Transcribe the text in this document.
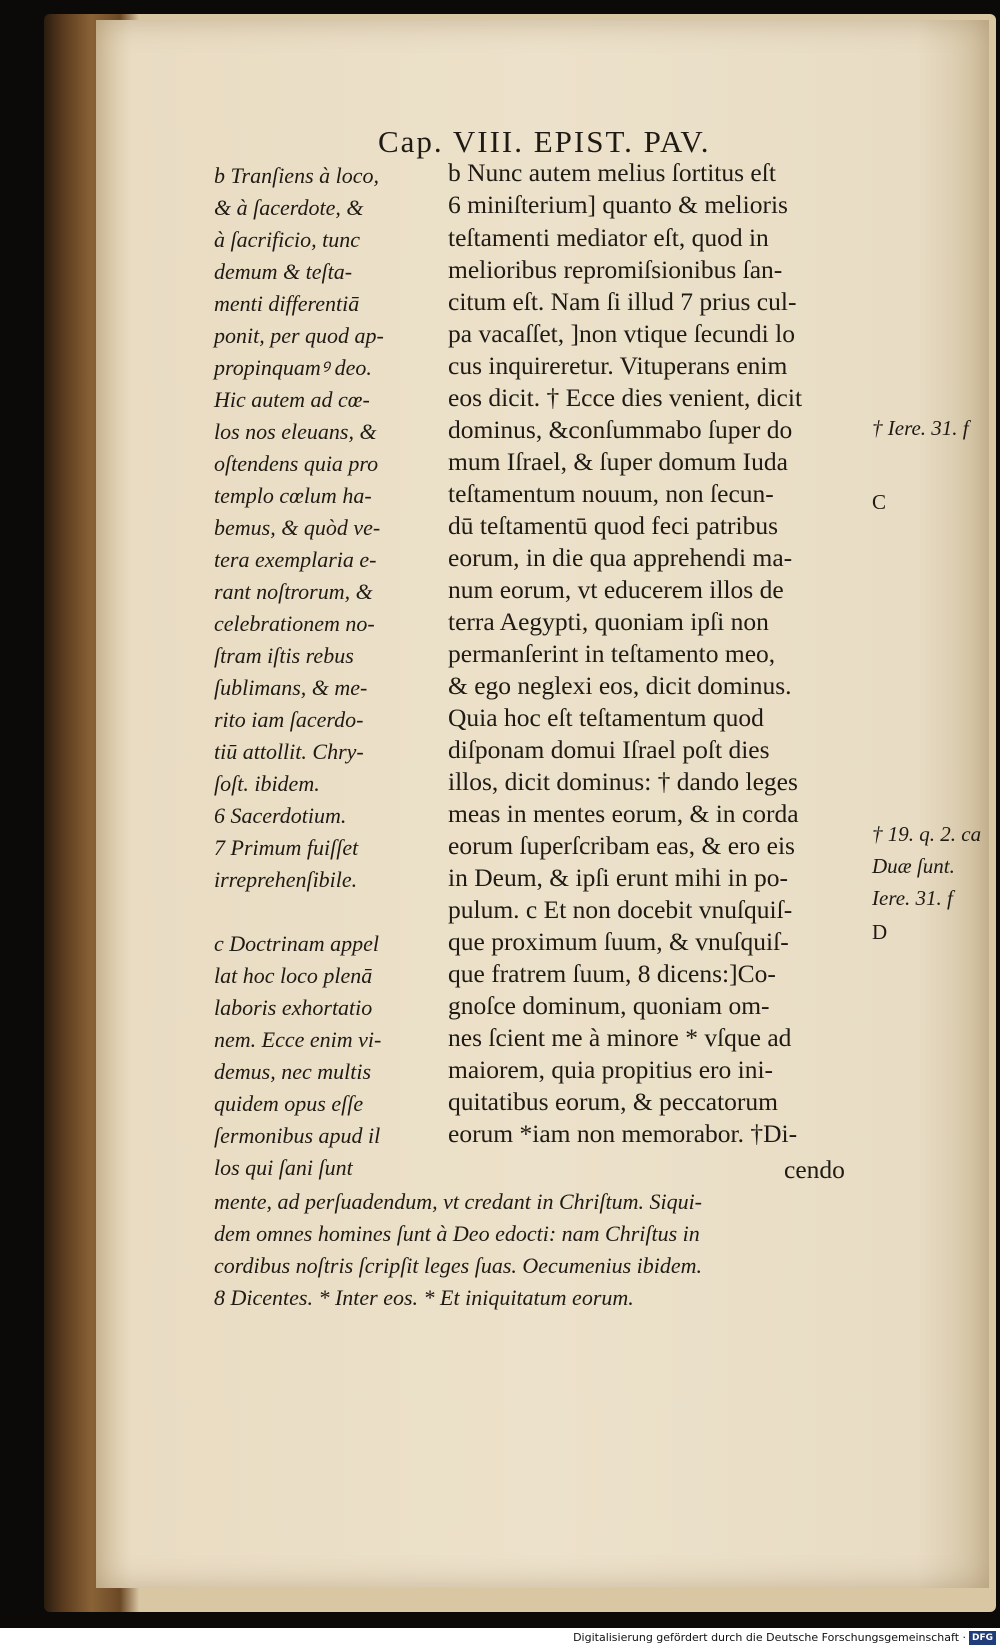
Cap. VIII. EPIST. PAV.
b Nunc autem melius ſortitus eſt
6 miniſterium] quanto & melioris
teſtamenti mediator eſt, quod in
melioribus repromiſsionibus ſan-
citum eſt. Nam ſi illud 7 prius cul-
pa vacaſſet, ]non vtique ſecundi lo
cus inquireretur. Vituperans enim
eos dicit. † Ecce dies venient, dicit
dominus, &conſummabo ſuper do
mum Iſrael, & ſuper domum Iuda
teſtamentum nouum, non ſecun-
dū teſtamentū quod feci patribus
eorum, in die qua apprehendi ma-
num eorum, vt educerem illos de
terra Aegypti, quoniam ipſi non
permanſerint in teſtamento meo,
& ego neglexi eos, dicit dominus.
Quia hoc eſt teſtamentum quod
diſponam domui Iſrael poſt dies
illos, dicit dominus: † dando leges
meas in mentes eorum, & in corda
eorum ſuperſcribam eas, & ero eis
in Deum, & ipſi erunt mihi in po-
pulum. c Et non docebit vnuſquiſ-
que proximum ſuum, & vnuſquiſ-
que fratrem ſuum, 8 dicens:]Co-
gnoſce dominum, quoniam om-
nes ſcient me à minore * vſque ad
maiorem, quia propitius ero ini-
quitatibus eorum, & peccatorum
eorum *iam non memorabor. †Di-
cendo
b Tranſiens à loco,
& à ſacerdote, &
à ſacrificio, tunc
demum & teſta-
menti differentiā
ponit, per quod ap-
propinquamꝰ deo.
Hic autem ad cœ-
los nos eleuans, &
oſtendens quia pro
templo cœlum ha-
bemus, & quòd ve-
tera exemplaria e-
rant noſtrorum, &
celebrationem no-
ſtram iſtis rebus
ſublimans, & me-
rito iam ſacerdo-
tiū attollit. Chry-
ſoſt. ibidem.
6 Sacerdotium.
7 Primum fuiſſet
irreprehenſibile.
c Doctrinam appel
lat hoc loco plenā
laboris exhortatio
nem. Ecce enim vi-
demus, nec multis
quidem opus eſſe
ſermonibus apud il
los qui ſani ſunt
† Iere. 31. f
C
† 19. q. 2. ca
Duæ ſunt.
Iere. 31. f
D
mente, ad perſuadendum, vt credant in Chriſtum. Siqui-
dem omnes homines ſunt à Deo edocti: nam Chriſtus in
cordibus noſtris ſcripſit leges ſuas. Oecumenius ibidem.
8 Dicentes. * Inter eos. * Et iniquitatum eorum.
Digitalisierung gefördert durch die Deutsche Forschungsgemeinschaft · DFG
